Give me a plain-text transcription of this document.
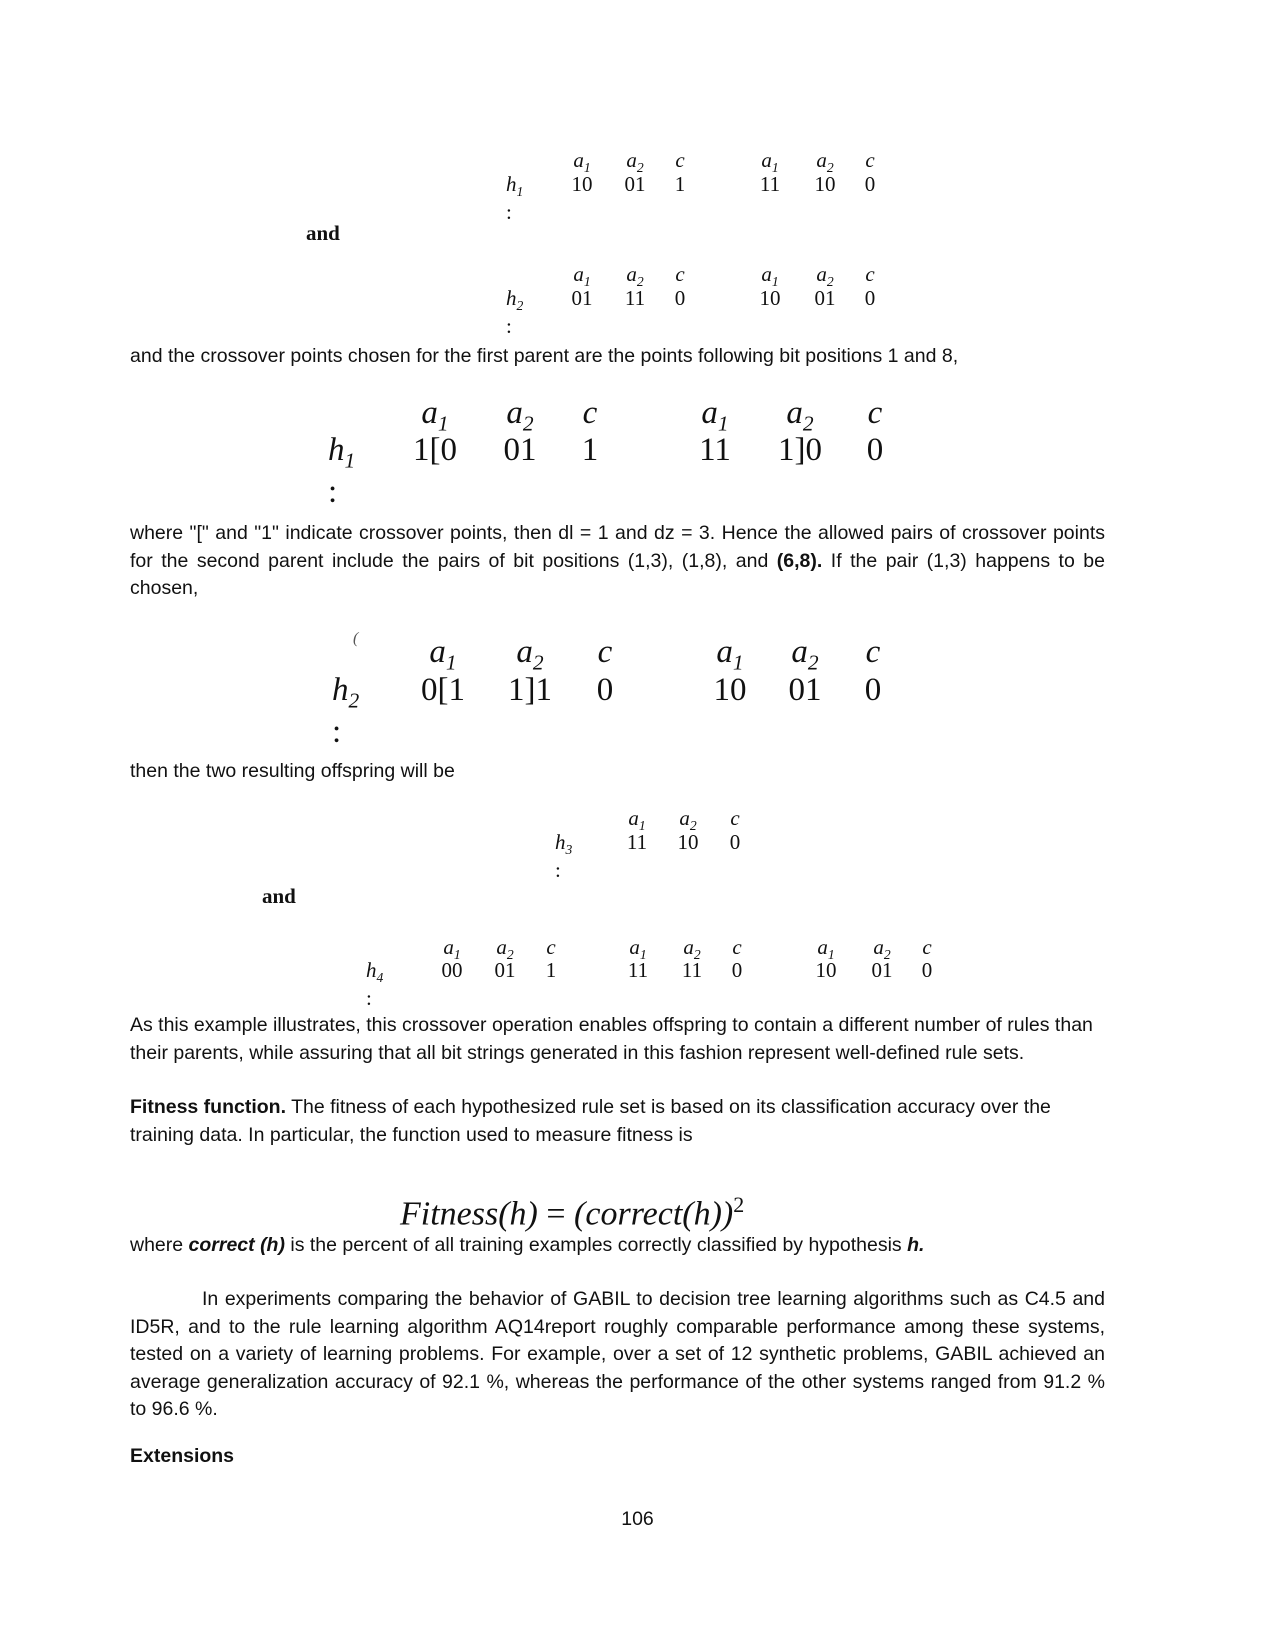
$a_1$	$a_2$	c	$a_1$	$a_2$	c
$h_1$ :
10	01	1	11	10	0
and
$a_1$	$a_2$	c	$a_1$	$a_2$	c
$h_2$ :
01	11	0	10	01	0
and the crossover points chosen for the first parent are the points following bit positions 1 and 8,
$a_1$	$a_2$	c	$a_1$	$a_2$	c
$h_1$ :
1[0 01 1	11	1]0	0
where "[" and "1" indicate crossover points, then dl = 1 and dz = 3. Hence the allowed pairs of crossover points for the second parent include the pairs of bit positions (1,3), (1,8), and (6,8). If the pair (1,3) happens to be chosen,
(	$a_1$	$a_2$	c	$a_1$	$a_2$	c
$h_2$ :
0[1 1]1 0	10 01 0
then the two resulting offspring will be
$a_1$	$a_2$	c
$h_3$ :
11	10	0
and
$a_1$	$a_2$	c	$a_1$	$a_2$	c	$a_1$	$a_2$	c
$h_4$ :
00	01	1	11	11	0	10	01	0
As this example illustrates, this crossover operation enables offspring to contain a different number of rules than their parents, while assuring that all bit strings generated in this fashion represent well-defined rule sets.
Fitness function. The fitness of each hypothesized rule set is based on its classification accuracy over the training data. In particular, the function used to measure fitness is
Fitness(h) = (correct(h))$^2$
where correct (h) is the percent of all training examples correctly classified by hypothesis h.
In experiments comparing the behavior of GABIL to decision tree learning algorithms such as C4.5 and ID5R, and to the rule learning algorithm AQ14report roughly comparable performance among these systems, tested on a variety of learning problems. For example, over a set of 12 synthetic problems, GABIL achieved an average generalization accuracy of 92.1 %, whereas the performance of the other systems ranged from 91.2 % to 96.6 %.
Extensions
106
